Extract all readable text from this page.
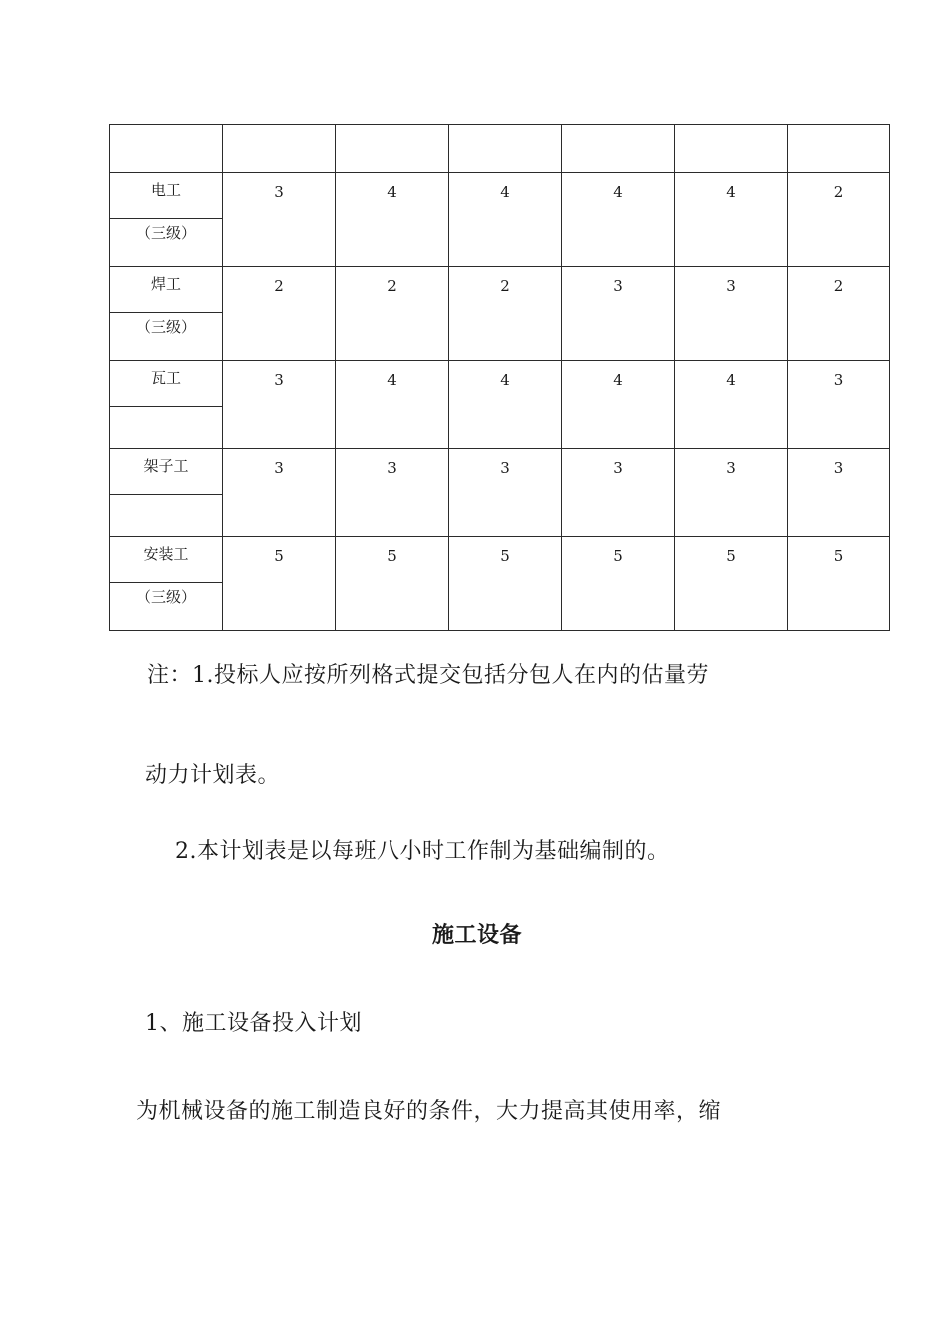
电工	3	4	4	4	4	2

（三级）						

焊工	2	2	2	3	3	2

（三级）						

瓦工	3	4	4	4	4	3

架子工	3	3	3	3	3	3

安装工	5	5	5	5	5	5

（三级）						
注：1.投标人应按所列格式提交包括分包人在内的估量劳
动力计划表。
2.本计划表是以每班八小时工作制为基础编制的。
施工设备
1、施工设备投入计划
为机械设备的施工制造良好的条件，大力提高其使用率，缩
